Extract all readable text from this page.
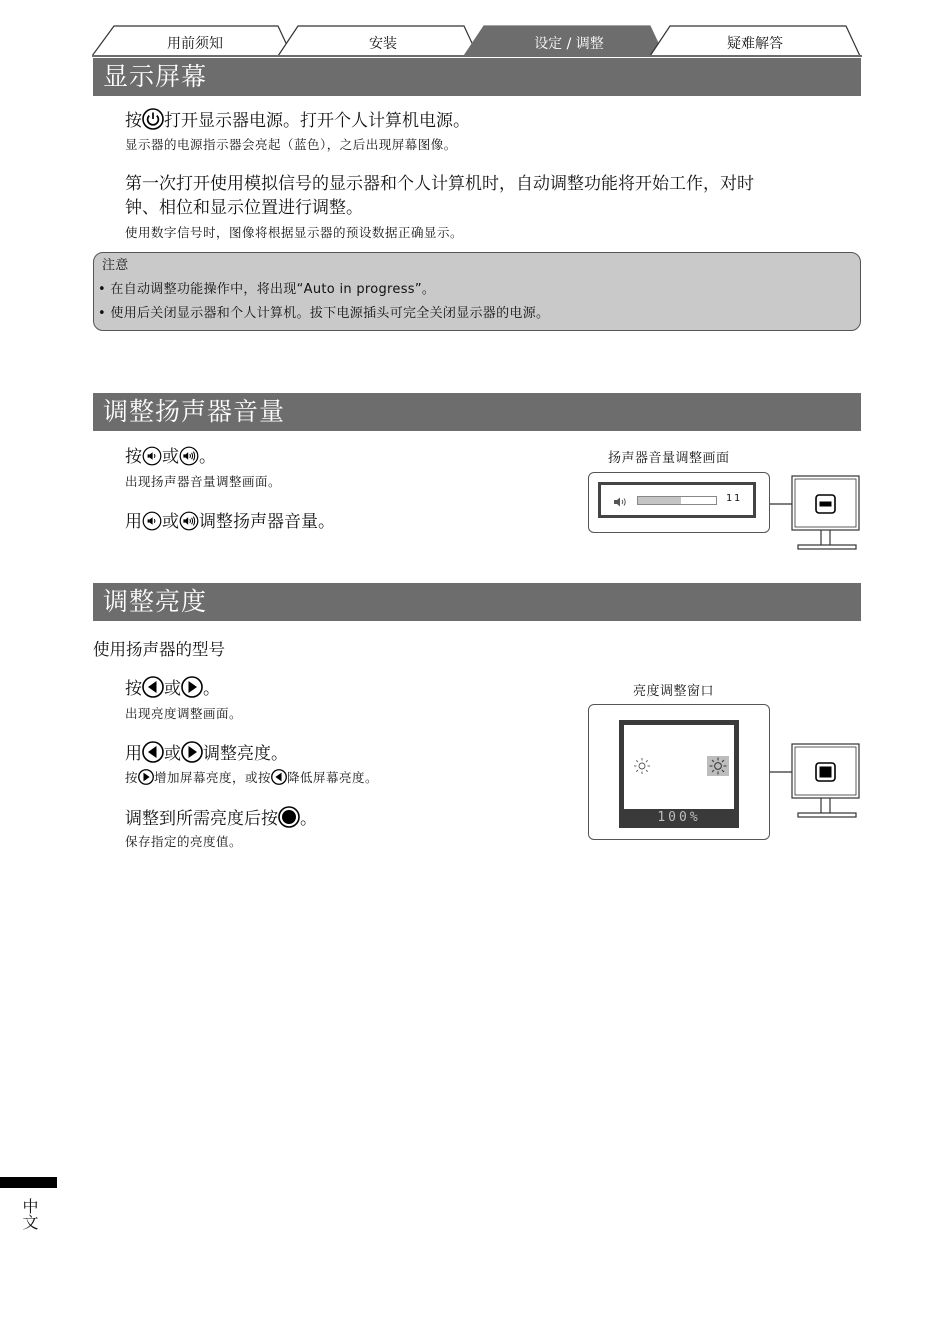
用前须知	安装	设定 / 调整	疑难解答
显示屏幕
按 打开显示器电源。打开个人计算机电源。
显示器的电源指示器会亮起（蓝色），之后出现屏幕图像。
第一次打开使用模拟信号的显示器和个人计算机时，自动调整功能将开始工作，对时
钟、相位和显示位置进行调整。
使用数字信号时，图像将根据显示器的预设数据正确显示。
注意
• 在自动调整功能操作中，将出现“Auto in progress”。
• 使用后关闭显示器和个人计算机。拔下电源插头可完全关闭显示器的电源。
调整扬声器音量
按 或 。
出现扬声器音量调整画面。
用 或 调整扬声器音量。
扬声器音量调整画面
11
调整亮度
使用扬声器的型号
按 或 。
出现亮度调整画面。
用 或 调整亮度。
按 增加屏幕亮度，或按 降低屏幕亮度。
调整到所需亮度后按 。
保存指定的亮度值。
亮度调整窗口
100%
中文
